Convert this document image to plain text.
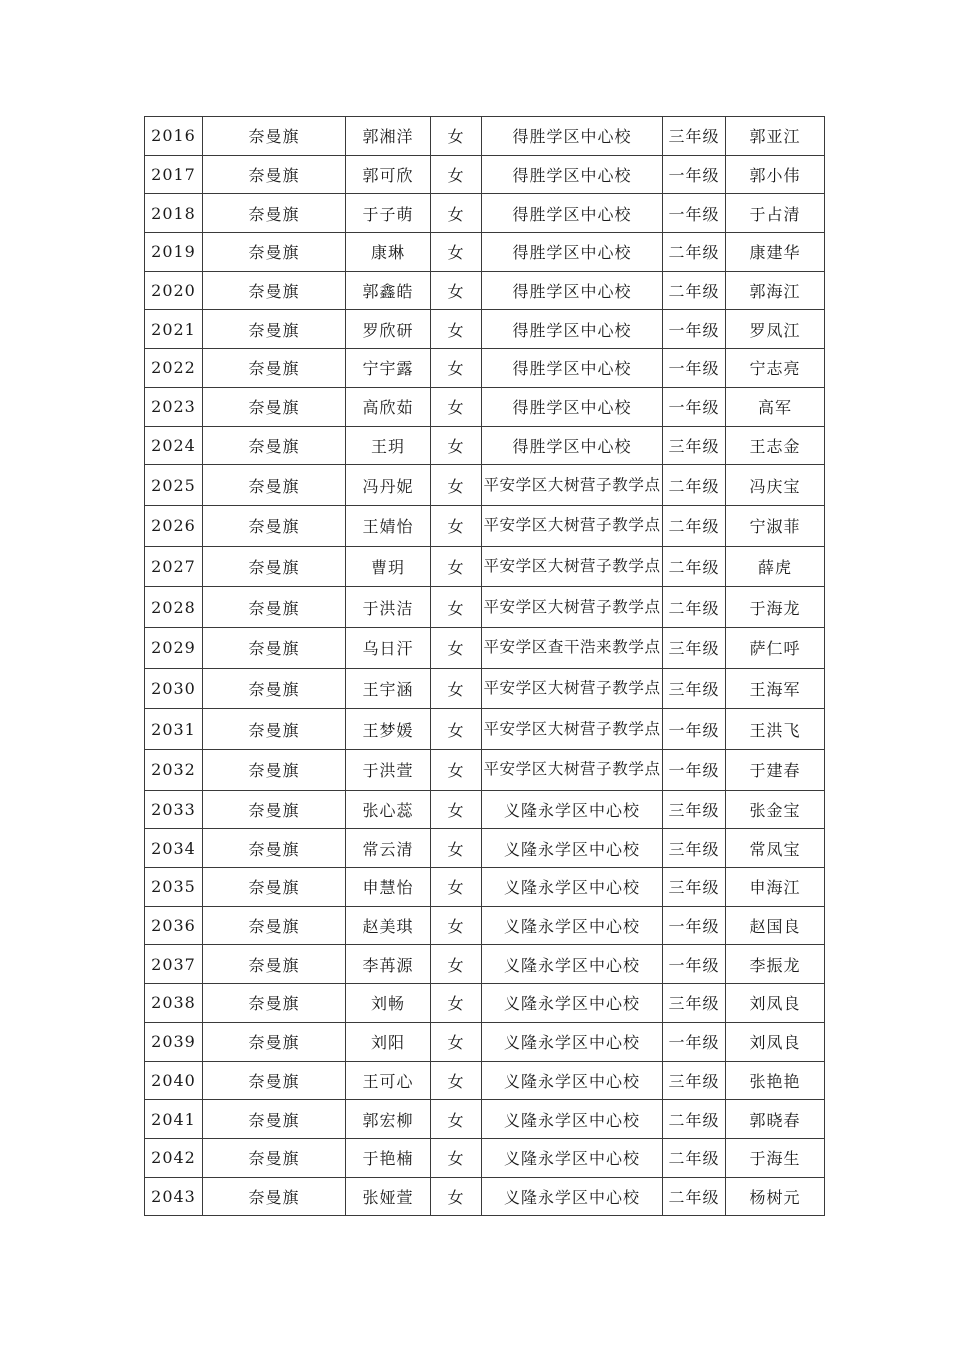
2016	奈曼旗	郭湘洋	女	得胜学区中心校	三年级	郭亚江
2017	奈曼旗	郭可欣	女	得胜学区中心校	一年级	郭小伟
2018	奈曼旗	于子萌	女	得胜学区中心校	一年级	于占清
2019	奈曼旗	康琳	女	得胜学区中心校	二年级	康建华
2020	奈曼旗	郭鑫皓	女	得胜学区中心校	二年级	郭海江
2021	奈曼旗	罗欣研	女	得胜学区中心校	一年级	罗凤江
2022	奈曼旗	宁宇露	女	得胜学区中心校	一年级	宁志亮
2023	奈曼旗	高欣茹	女	得胜学区中心校	一年级	高军
2024	奈曼旗	王玥	女	得胜学区中心校	三年级	王志金
2025	奈曼旗	冯丹妮	女	平安学区大树营子教学点	二年级	冯庆宝
2026	奈曼旗	王婧怡	女	平安学区大树营子教学点	二年级	宁淑菲
2027	奈曼旗	曹玥	女	平安学区大树营子教学点	二年级	薛虎
2028	奈曼旗	于洪洁	女	平安学区大树营子教学点	二年级	于海龙
2029	奈曼旗	乌日汗	女	平安学区查干浩来教学点	三年级	萨仁呼
2030	奈曼旗	王宇涵	女	平安学区大树营子教学点	三年级	王海军
2031	奈曼旗	王梦媛	女	平安学区大树营子教学点	一年级	王洪飞
2032	奈曼旗	于洪萱	女	平安学区大树营子教学点	一年级	于建春
2033	奈曼旗	张心蕊	女	义隆永学区中心校	三年级	张金宝
2034	奈曼旗	常云清	女	义隆永学区中心校	三年级	常凤宝
2035	奈曼旗	申慧怡	女	义隆永学区中心校	三年级	申海江
2036	奈曼旗	赵美琪	女	义隆永学区中心校	一年级	赵国良
2037	奈曼旗	李苒源	女	义隆永学区中心校	一年级	李振龙
2038	奈曼旗	刘畅	女	义隆永学区中心校	三年级	刘凤良
2039	奈曼旗	刘阳	女	义隆永学区中心校	一年级	刘凤良
2040	奈曼旗	王可心	女	义隆永学区中心校	三年级	张艳艳
2041	奈曼旗	郭宏柳	女	义隆永学区中心校	二年级	郭晓春
2042	奈曼旗	于艳楠	女	义隆永学区中心校	二年级	于海生
2043	奈曼旗	张娅萱	女	义隆永学区中心校	二年级	杨树元
